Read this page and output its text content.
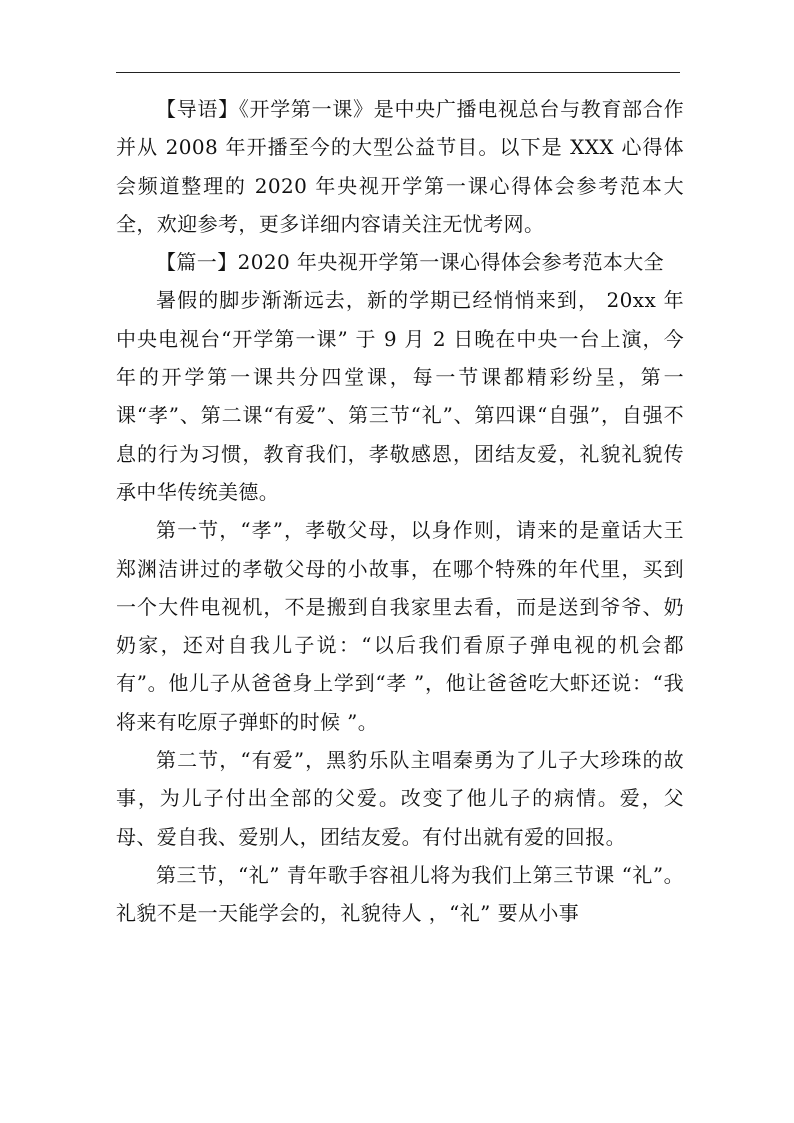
【导语】《开学第一课》是中央广播电视总台与教育部合作并从 2008 年开播至今的大型公益节目。以下是 XXX 心得体会频道整理的 2020 年央视开学第一课心得体会参考范本大全，欢迎参考，更多详细内容请关注无忧考网。

【篇一】2020 年央视开学第一课心得体会参考范本大全

暑假的脚步渐渐远去，新的学期已经悄悄来到， 20xx 年中央电视台“开学第一课” 于 9 月 2 日晚在中央一台上演，今年的开学第一课共分四堂课，每一节课都精彩纷呈，第一课“孝”、第二课“有爱”、第三节“礼”、第四课“自强”，自强不息的行为习惯，教育我们，孝敬感恩，团结友爱，礼貌礼貌传承中华传统美德。

第一节，“孝”，孝敬父母，以身作则，请来的是童话大王郑渊洁讲过的孝敬父母的小故事，在哪个特殊的年代里，买到一个大件电视机，不是搬到自我家里去看，而是送到爷爷、奶奶家，还对自我儿子说：“以后我们看原子弹电视的机会都有”。他儿子从爸爸身上学到“孝 ”，他让爸爸吃大虾还说：“我将来有吃原子弹虾的时候 ”。

第二节，“有爱”，黑豹乐队主唱秦勇为了儿子大珍珠的故事，为儿子付出全部的父爱。改变了他儿子的病情。爱，父母、爱自我、爱别人，团结友爱。有付出就有爱的回报。

第三节，“礼” 青年歌手容祖儿将为我们上第三节课 “礼”。礼貌不是一天能学会的，礼貌待人 ，“礼” 要从小事
